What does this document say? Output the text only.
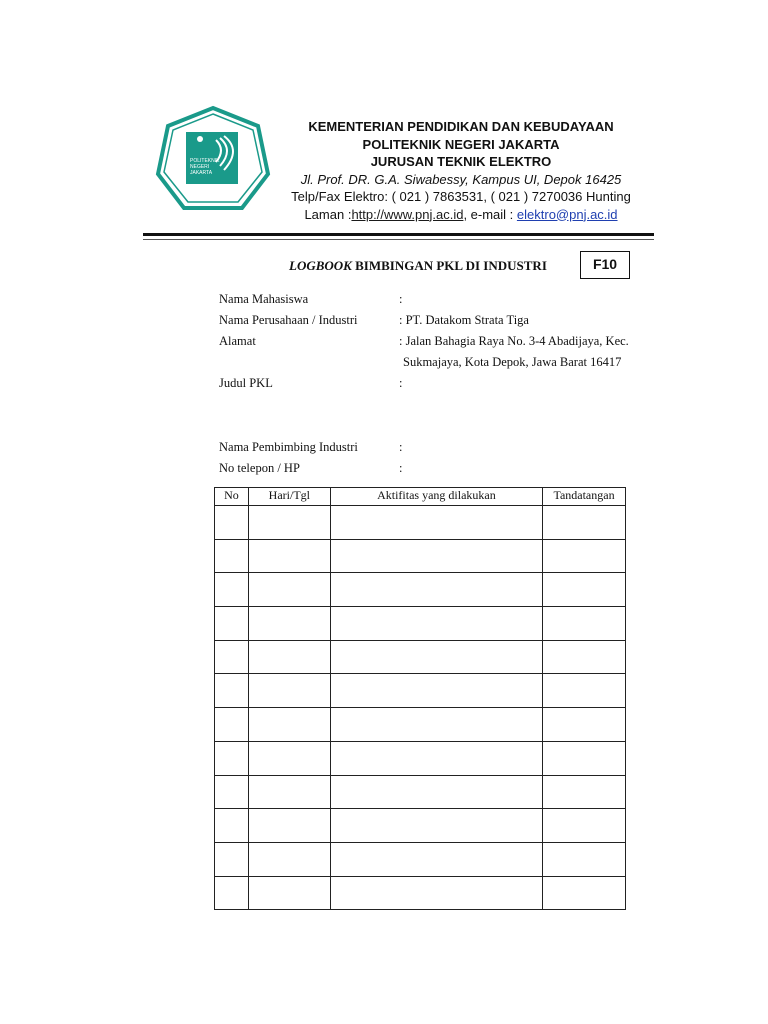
POLITEKNIK
NEGERI
JAKARTA
KEMENTERIAN PENDIDIKAN DAN KEBUDAYAAN
POLITEKNIK NEGERI JAKARTA
JURUSAN TEKNIK ELEKTRO
Jl. Prof. DR. G.A. Siwabessy, Kampus UI, Depok 16425
Telp/Fax Elektro: ( 021 ) 7863531, ( 021 ) 7270036 Hunting
Laman :http://www.pnj.ac.id, e-mail : elektro@pnj.ac.id
LOGBOOK BIMBINGAN PKL DI INDUSTRI	F10
Nama Mahasiswa	:
Nama Perusahaan / Industri	: PT. Datakom Strata Tiga
Alamat	: Jalan Bahagia Raya No. 3-4 Abadijaya, Kec.
Sukmajaya, Kota Depok, Jawa Barat 16417
Judul PKL	:
Nama Pembimbing Industri	:
No telepon / HP	:
No	Hari/Tgl	Aktifitas yang dilakukan	Tandatangan
